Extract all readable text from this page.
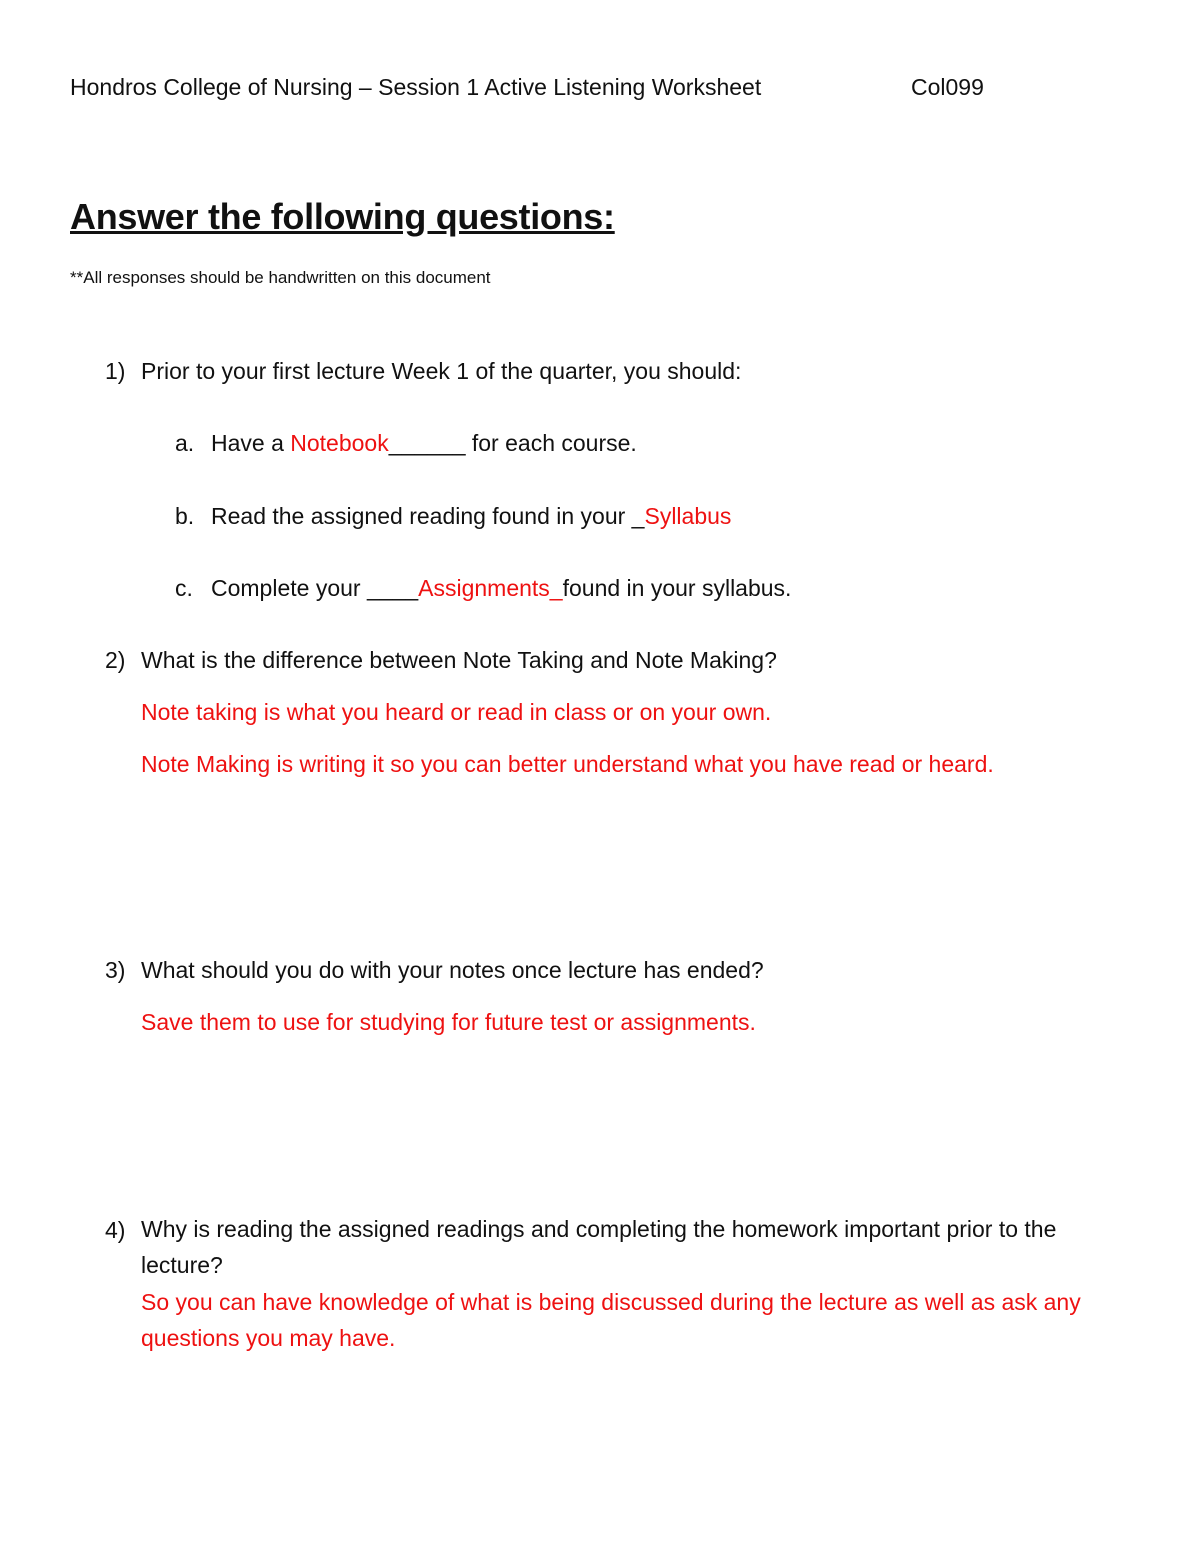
Hondros College of Nursing – Session 1 Active Listening Worksheet	Col099
Answer the following questions:
**All responses should be handwritten on this document
1) Prior to your first lecture Week 1 of the quarter, you should:
a. Have a Notebook______ for each course.
b. Read the assigned reading found in your _Syllabus
c. Complete your ____Assignments_found in your syllabus.
2) What is the difference between Note Taking and Note Making?
Note taking is what you heard or read in class or on your own.
Note Making is writing it so you can better understand what you have read or heard.
3) What should you do with your notes once lecture has ended?
Save them to use for studying for future test or assignments.
4) Why is reading the assigned readings and completing the homework important prior to the lecture?
So you can have knowledge of what is being discussed during the lecture as well as ask any questions you may have.
